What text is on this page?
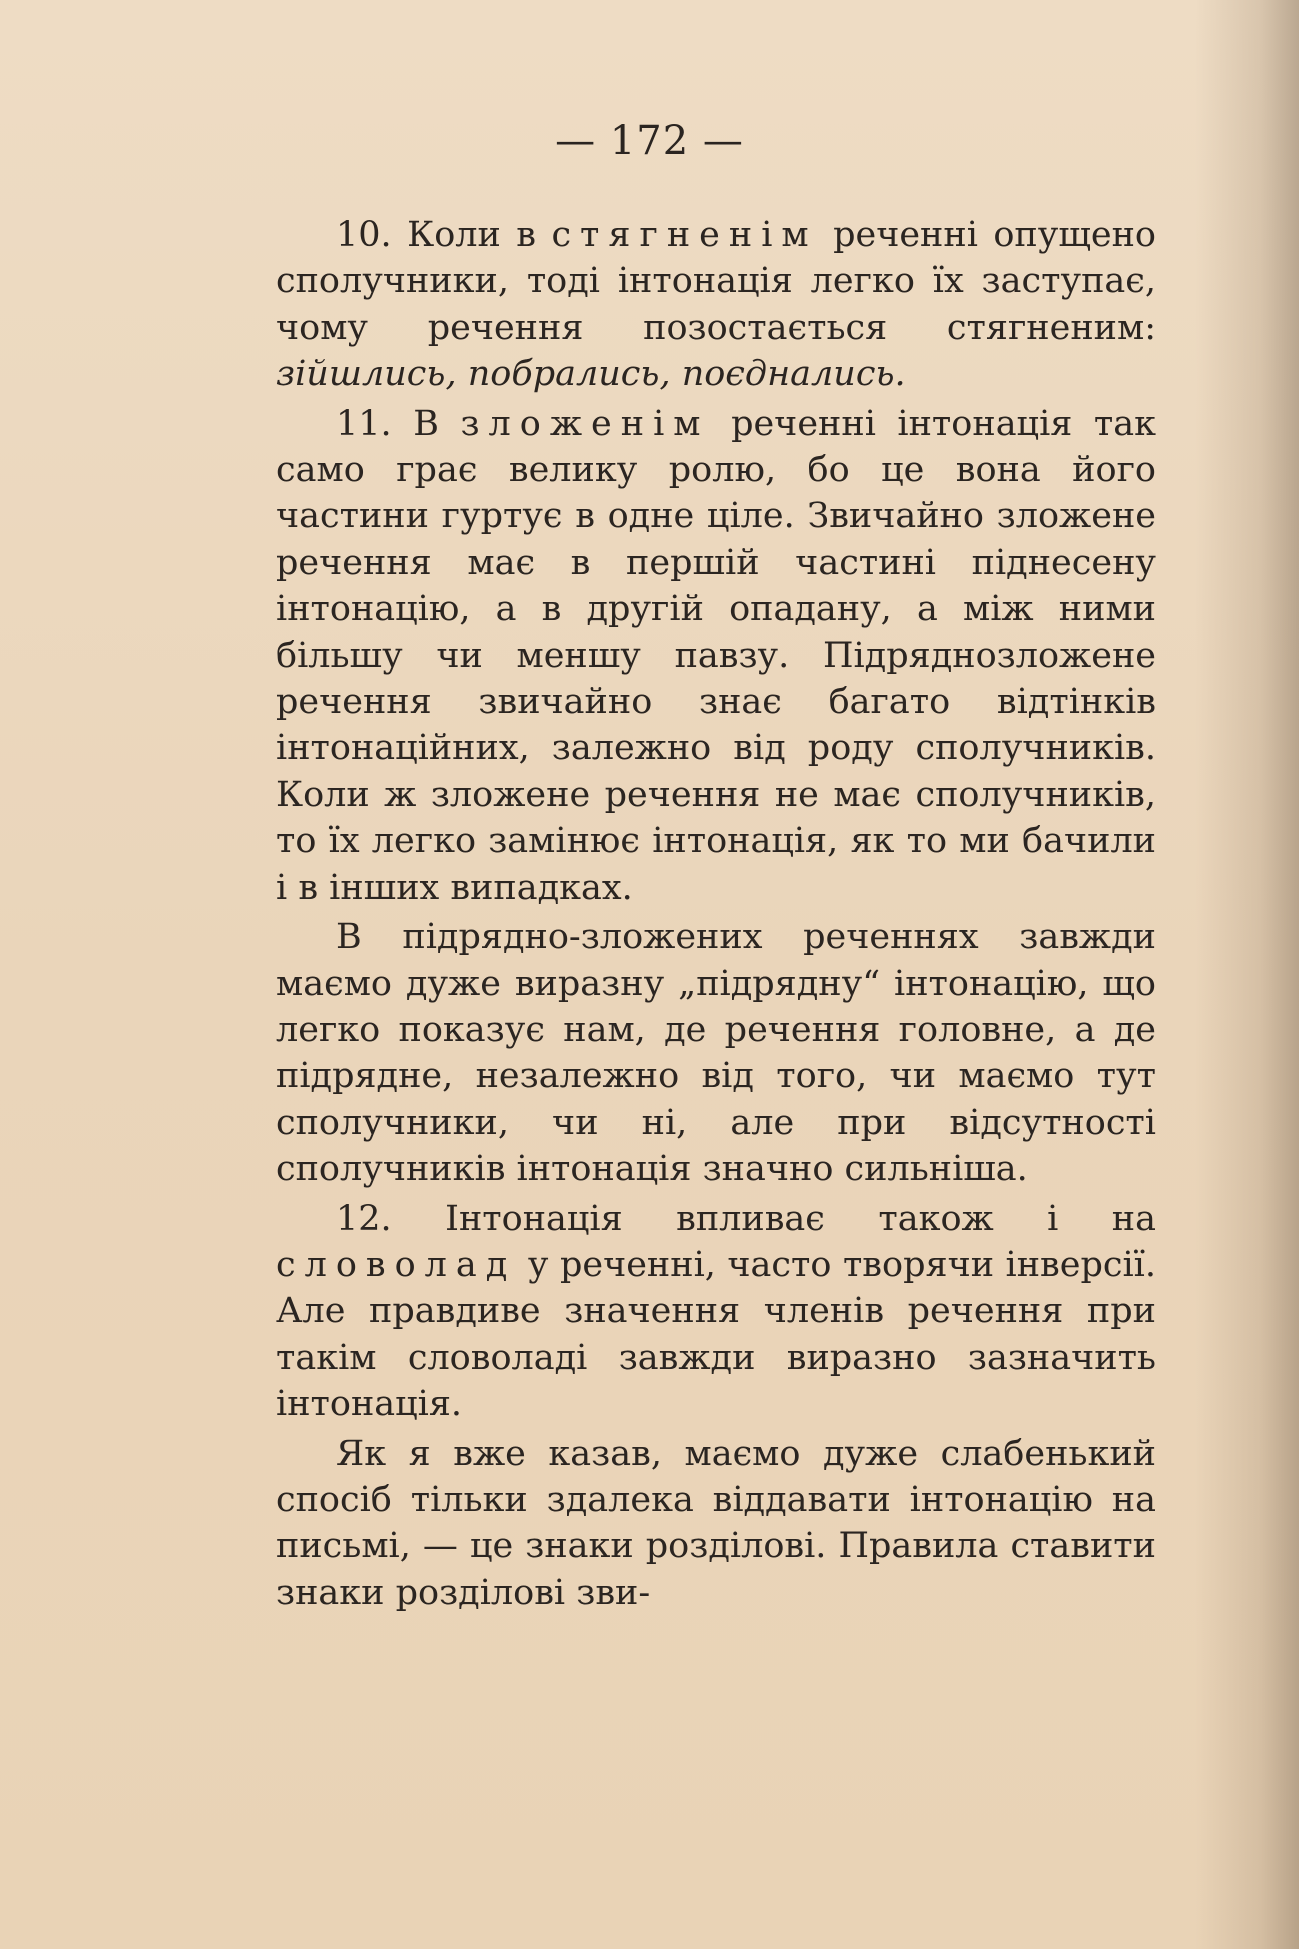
— 172 —

10. Коли в стягненім реченні опущено сполучники, тоді інтонація легко їх заступає, чому речення позостається стягненим: зійшлись, побрались, поєднались.

11. В зложенім реченні інтонація так само грає велику ролю, бо це вона його частини гуртує в одне ціле. Звичайно зложене речення має в першій частині піднесену інтонацію, а в другій опадану, а між ними більшу чи меншу павзу. Підряднозложене речення звичайно знає багато відтінків інтонаційних, залежно від роду сполучників. Коли ж зложене речення не має сполучників, то їх легко замінює інтонація, як то ми бачили і в інших випадках.

В підрядно-зложених реченнях завжди маємо дуже виразну „підрядну“ інтонацію, що легко показує нам, де речення головне, а де підрядне, незалежно від того, чи маємо тут сполучники, чи ні, але при відсутності сполучників інтонація значно сильніша.

12. Інтонація впливає також і на словолад у реченні, часто творячи інверсії. Але правдиве значення членів речення при такім словоладі завжди виразно зазначить інтонація.

Як я вже казав, маємо дуже слабенький спосіб тільки здалека віддавати інтонацію на письмі, — це знаки розділові. Правила ставити знаки розділові зви-
